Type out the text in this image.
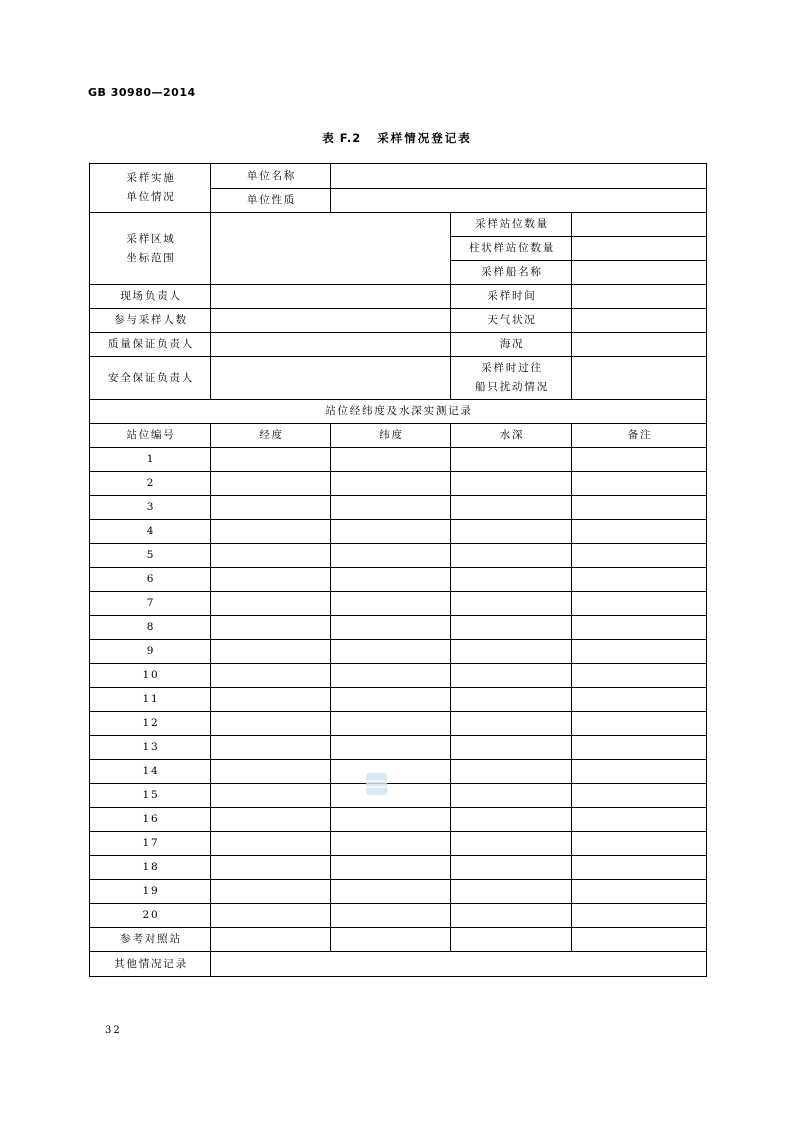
GB 30980—2014
表 F.2 采样情况登记表
采样实施
单位情况	单位名称			
	单位性质			

采样区域
坐标范围			采样站位数量	
			柱状样站位数量	
			采样船名称	
现场负责人			采样时间	
参与采样人数			天气状况	
质量保证负责人			海况	
安全保证负责人			采样时过往
船只扰动情况	

站位经纬度及水深实测记录				
站位编号	经度	纬度	水深	备注
1				
2				
3				
4				
5				
6				
7				
8				
9				
10				
11				
12				
13				
14				
15				
16				
17				
18				
19				
20				
参考对照站				
其他情况记录				
32
